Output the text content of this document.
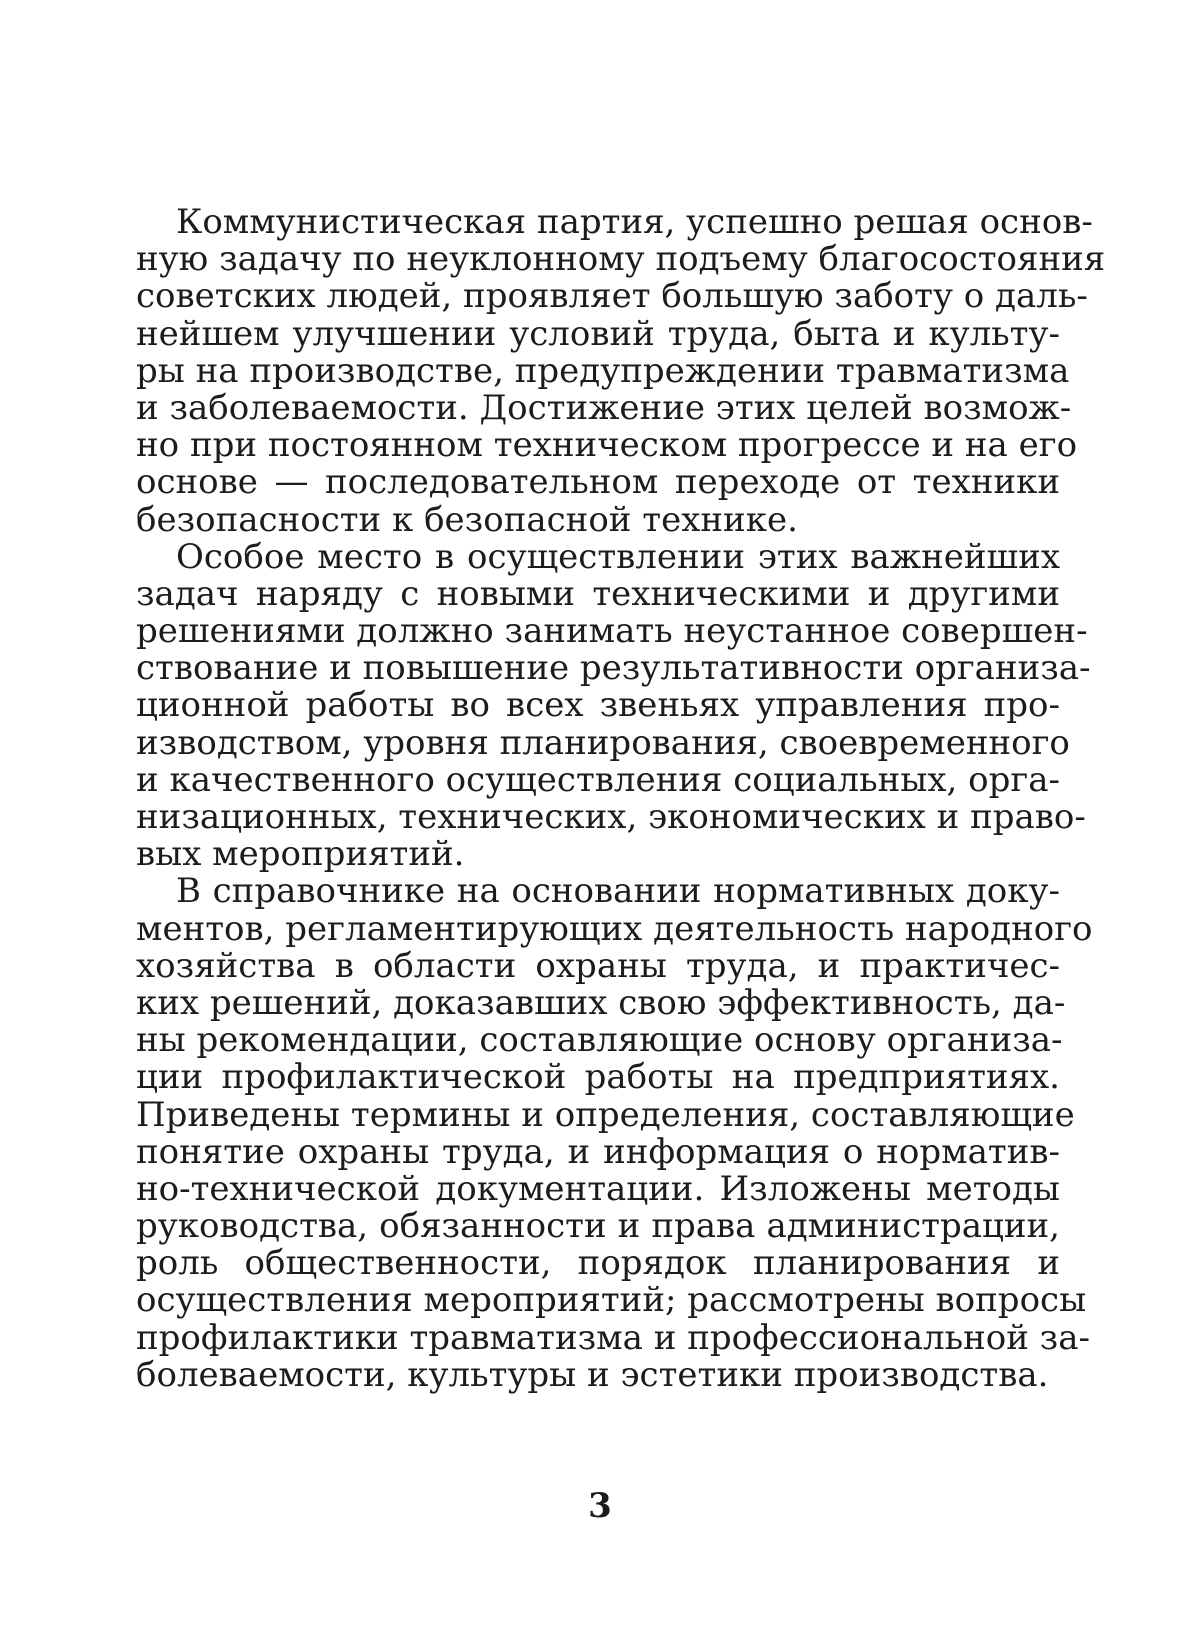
Коммунистическая партия, успешно решая основ-
ную задачу по неуклонному подъему благосостояния
советских людей, проявляет большую заботу о даль-
нейшем улучшении условий труда, быта и культу-
ры на производстве, предупреждении травматизма
и заболеваемости. Достижение этих целей возмож-
но при постоянном техническом прогрессе и на его
основе — последовательном переходе от техники
безопасности к безопасной технике.
Особое место в осуществлении этих важнейших
задач наряду с новыми техническими и другими
решениями должно занимать неустанное совершен-
ствование и повышение результативности организа-
ционной работы во всех звеньях управления про-
изводством, уровня планирования, своевременного
и качественного осуществления социальных, орга-
низационных, технических, экономических и право-
вых мероприятий.
В справочнике на основании нормативных доку-
ментов, регламентирующих деятельность народного
хозяйства в области охраны труда, и практичес-
ких решений, доказавших свою эффективность, да-
ны рекомендации, составляющие основу организа-
ции профилактической работы на предприятиях.
Приведены термины и определения, составляющие
понятие охраны труда, и информация о норматив-
но-технической документации. Изложены методы
руководства, обязанности и права администрации,
роль общественности, порядок планирования и
осуществления мероприятий; рассмотрены вопросы
профилактики травматизма и профессиональной за-
болеваемости, культуры и эстетики производства.
3
